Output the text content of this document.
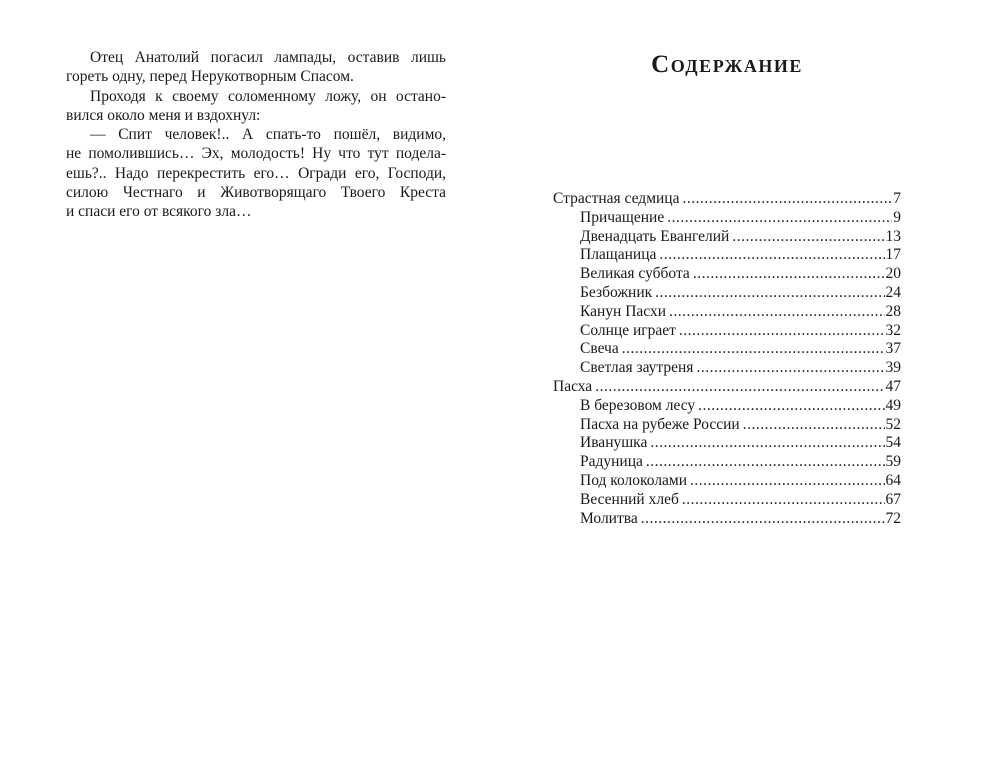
Отец Анатолий погасил лампады, оставив лишь
гореть одну, перед Нерукотворным Спасом.
Проходя к своему соломенному ложу, он остано-
вился около меня и вздохнул:
— Спит человек!.. А спать-то пошёл, видимо,
не помолившись… Эх, молодость! Ну что тут подела-
ешь?.. Надо перекрестить его… Огради его, Господи,
силою Честнаго и Животворящаго Твоего Креста
и спаси его от всякого зла…
Содержание
Страстная седмица .....	7
Причащение .....	9
Двенадцать Евангелий .....	13
Плащаница .....	17
Великая суббота .....	20
Безбожник .....	24
Канун Пасхи .....	28
Солнце играет .....	32
Свеча .....	37
Светлая заутреня .....	39
Пасха .....	47
В березовом лесу .....	49
Пасха на рубеже России .....	52
Иванушка .....	54
Радуница .....	59
Под колоколами .....	64
Весенний хлеб .....	67
Молитва .....	72
